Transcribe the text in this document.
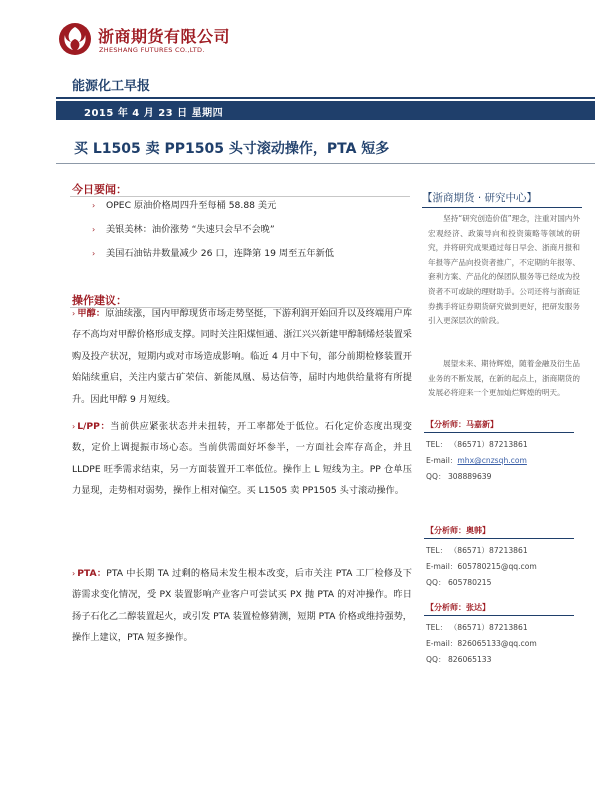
浙商期货有限公司
ZHESHANG FUTURES CO.,LTD.
能源化工早报
2015 年 4 月 23 日 星期四
买 L1505 卖 PP1505 头寸滚动操作，PTA 短多
今日要闻：
› OPEC 原油价格周四升至每桶 58.88 美元
› 美银美林：油价涨势 “失速只会早不会晚”
› 美国石油钻井数量减少 26 口，连降第 19 周至五年新低
操作建议：
› 甲醇：原油续涨，国内甲醇现货市场走势坚挺，下游利润开始回升以及终端用户库存不高均对甲醇价格形成支撑。同时关注阳煤恒通、浙江兴兴新建甲醇制烯烃装置采购及投产状况，短期内或对市场造成影响。临近 4 月中下旬，部分前期检修装置开始陆续重启，关注内蒙古矿荣信、新能凤凰、易达信等，届时内地供给量将有所提升。因此甲醇 9 月短线。
› L/PP：当前供应紧张状态并未扭转，开工率都处于低位。石化定价态度出现变数，定价上调提振市场心态。当前供需面好坏参半，一方面社会库存高企，并且 LLDPE 旺季需求结束，另一方面装置开工率低位。操作上 L 短线为主。PP 仓单压力显现，走势相对弱势，操作上相对偏空。买 L1505 卖 PP1505 头寸滚动操作。
› PTA：PTA 中长期 TA 过剩的格局未发生根本改变，后市关注 PTA 工厂检修及下游需求变化情况，受 PX 装置影响产业客户可尝试买 PX 抛 PTA 的对冲操作。昨日扬子石化乙二醇装置起火，或引发 PTA 装置检修猜测，短期 PTA 价格或维持强势，操作上建议，PTA 短多操作。
【浙商期货 · 研究中心】
坚持“研究创造价值”理念，注重对国内外宏观经济、政策导向和投资策略等领域的研究，并将研究成果通过每日早会、浙商月报和年报等产品向投资者推广，不定期的年报等、套利方案、产品化的保团队服务等已经成为投资者不可或缺的理财助手。公司还将与浙商证券携手将证券期货研究做到更好，把研发服务引入更深层次的阶段。
展望未来、期待辉煌，随着金融及衍生品业务的不断发展，在新的起点上，浙商期货的发展必将迎来一个更加灿烂辉煌的明天。
【分析师：马嘉新】
TEL： （86571）87213861
E-mail：mhx@cnzsqh.com
QQ： 308889639
【分析师：奥韩】
TEL： （86571）87213861
E-mail：605780215@qq.com
QQ： 605780215
【分析师：张达】
TEL： （86571）87213861
E-mail：826065133@qq.com
QQ： 826065133
